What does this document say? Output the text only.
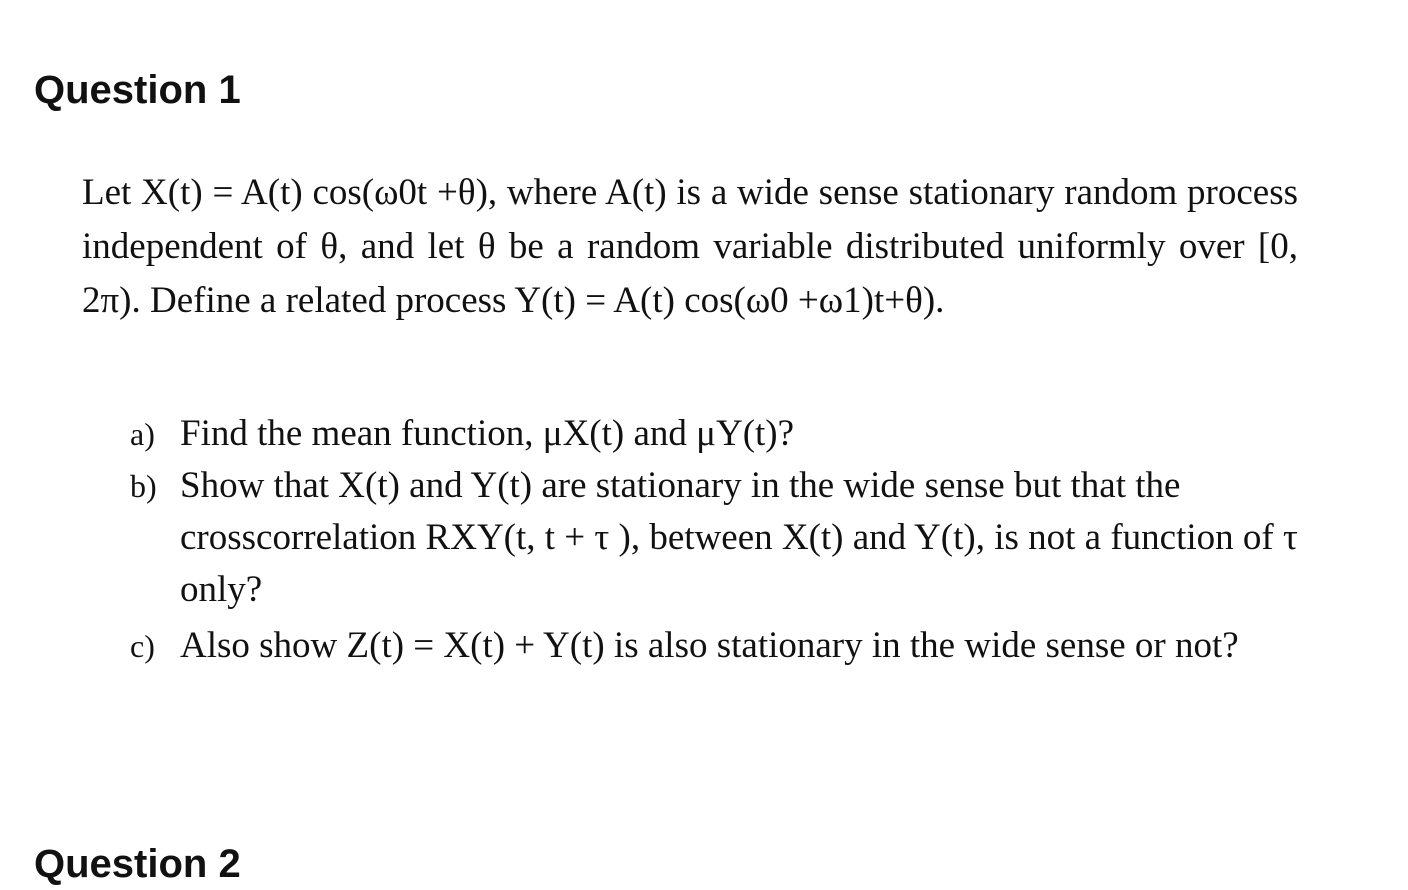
Question 1

Let X(t) = A(t) cos(ω0t +θ), where A(t) is a wide sense stationary random process independent of θ, and let θ be a random variable distributed uniformly over [0, 2π). Define a related process Y(t) = A(t) cos(ω0 +ω1)t+θ).

a) Find the mean function, μX(t) and μY(t)?
b) Show that X(t) and Y(t) are stationary in the wide sense but that the crosscorrelation RXY(t, t + τ ), between X(t) and Y(t), is not a function of τ only?
c) Also show Z(t) = X(t) + Y(t) is also stationary in the wide sense or not?
Question 2
